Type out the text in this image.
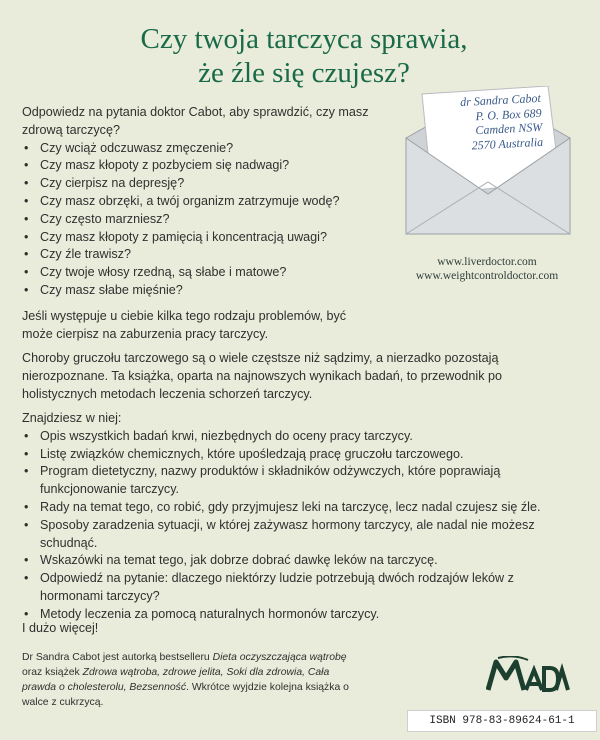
Czy twoja tarczyca sprawia,
że źle się czujesz?
Odpowiedz na pytania doktor Cabot, aby sprawdzić, czy masz zdrową tarczycę?
• Czy wciąż odczuwasz zmęczenie?
• Czy masz kłopoty z pozbyciem się nadwagi?
• Czy cierpisz na depresję?
• Czy masz obrzęki, a twój organizm zatrzymuje wodę?
• Czy często marzniesz?
• Czy masz kłopoty z pamięcią i koncentracją uwagi?
• Czy źle trawisz?
• Czy twoje włosy rzedną, są słabe i matowe?
• Czy masz słabe mięśnie?
dr Sandra Cabot
P. O. Box 689
Camden NSW
2570 Australia
www.liverdoctor.com
www.weightcontroldoctor.com
Jeśli występuje u ciebie kilka tego rodzaju problemów, być może cierpisz na zaburzenia pracy tarczycy.
Choroby gruczołu tarczowego są o wiele częstsze niż sądzimy, a nierzadko pozostają nierozpoznane. Ta książka, oparta na najnowszych wynikach badań, to przewodnik po holistycznych metodach leczenia schorzeń tarczycy.
Znajdziesz w niej:
• Opis wszystkich badań krwi, niezbędnych do oceny pracy tarczycy.
• Listę związków chemicznych, które upośledzają pracę gruczołu tarczowego.
• Program dietetyczny, nazwy produktów i składników odżywczych, które poprawiają funkcjonowanie tarczycy.
• Rady na temat tego, co robić, gdy przyjmujesz leki na tarczycę, lecz nadal czujesz się źle.
• Sposoby zaradzenia sytuacji, w której zażywasz hormony tarczycy, ale nadal nie możesz schudnąć.
• Wskazówki na temat tego, jak dobrze dobrać dawkę leków na tarczycę.
• Odpowiedź na pytanie: dlaczego niektórzy ludzie potrzebują dwóch rodzajów leków z hormonami tarczycy?
• Metody leczenia za pomocą naturalnych hormonów tarczycy.
I dużo więcej!
Dr Sandra Cabot jest autorką bestselleru Dieta oczyszczająca wątrobę oraz książek Zdrowa wątroba, zdrowe jelita, Soki dla zdrowia, Cała prawda o cholesterolu, Bezsenność. Wkrótce wyjdzie kolejna książka o walce z cukrzycą.
ISBN 978-83-89624-61-1
